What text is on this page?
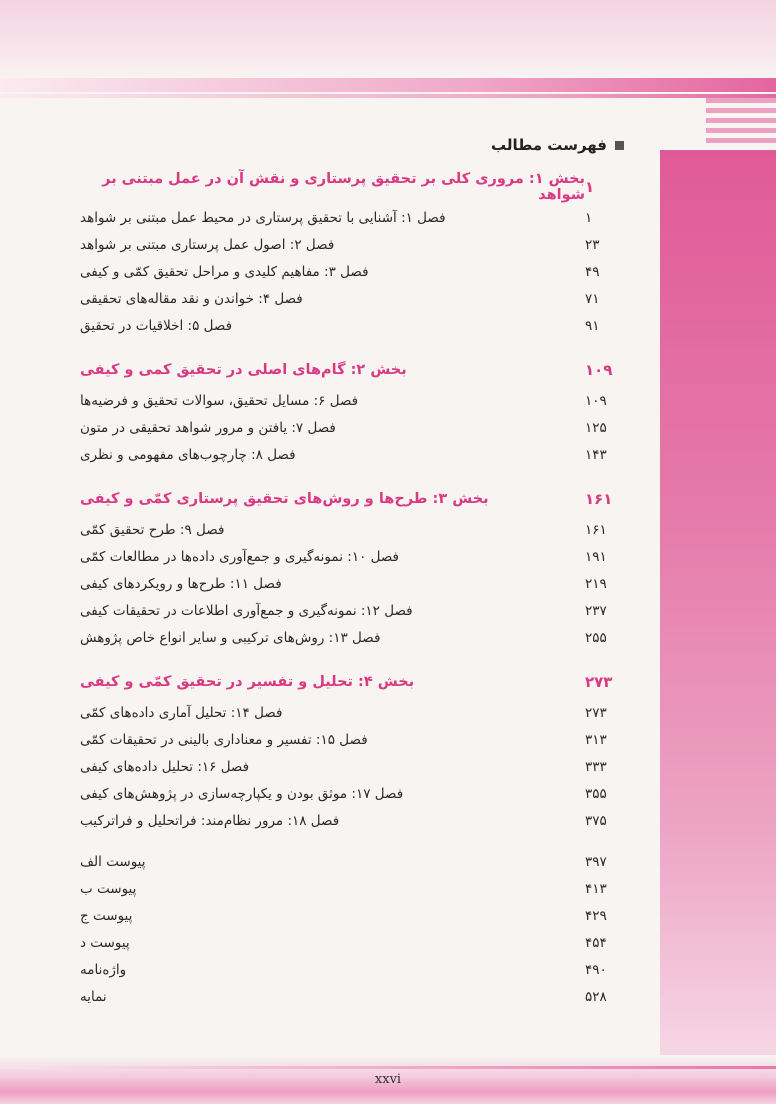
فهرست مطالب
بخش ۱: مروری کلی بر تحقیق پرستاری و نقش آن در عمل مبتنی بر شواهد ۱
فصل ۱: آشنایی با تحقیق پرستاری در محیط عمل مبتنی بر شواهد	۱
فصل ۲: اصول عمل پرستاری مبتنی بر شواهد	۲۳
فصل ۳: مفاهیم کلیدی و مراحل تحقیق کمّی و کیفی	۴۹
فصل ۴: خواندن و نقد مقاله‌های تحقیقی	۷۱
فصل ۵: اخلاقیات در تحقیق	۹۱
بخش ۲: گام‌های اصلی در تحقیق کمی و کیفی	۱۰۹
فصل ۶: مسایل تحقیق، سوالات تحقیق و فرضیه‌ها	۱۰۹
فصل ۷: یافتن و مرور شواهد تحقیقی در متون	۱۲۵
فصل ۸: چارچوب‌های مفهومی و نظری	۱۴۳
بخش ۳: طرح‌ها و روش‌های تحقیق پرستاری کمّی و کیفی	۱۶۱
فصل ۹: طرح تحقیق کمّی	۱۶۱
فصل ۱۰: نمونه‌گیری و جمع‌آوری داده‌ها در مطالعات کمّی	۱۹۱
فصل ۱۱: طرح‌ها و رویکردهای کیفی	۲۱۹
فصل ۱۲: نمونه‌گیری و جمع‌آوری اطلاعات در تحقیقات کیفی	۲۳۷
فصل ۱۳: روش‌های ترکیبی و سایر انواع خاص پژوهش	۲۵۵
بخش ۴: تحلیل و تفسیر در تحقیق کمّی و کیفی	۲۷۳
فصل ۱۴: تحلیل آماری داده‌های کمّی	۲۷۳
فصل ۱۵: تفسیر و معناداری بالینی در تحقیقات کمّی	۳۱۳
فصل ۱۶: تحلیل داده‌های کیفی	۳۳۳
فصل ۱۷: موثق بودن و یکپارچه‌سازی در پژوهش‌های کیفی	۳۵۵
فصل ۱۸: مرور نظام‌مند: فراتحلیل و فراترکیب	۳۷۵
پیوست الف	۳۹۷
پیوست ب	۴۱۳
پیوست ج	۴۲۹
پیوست د	۴۵۴
واژه‌نامه	۴۹۰
نمایه	۵۲۸
xxvi
